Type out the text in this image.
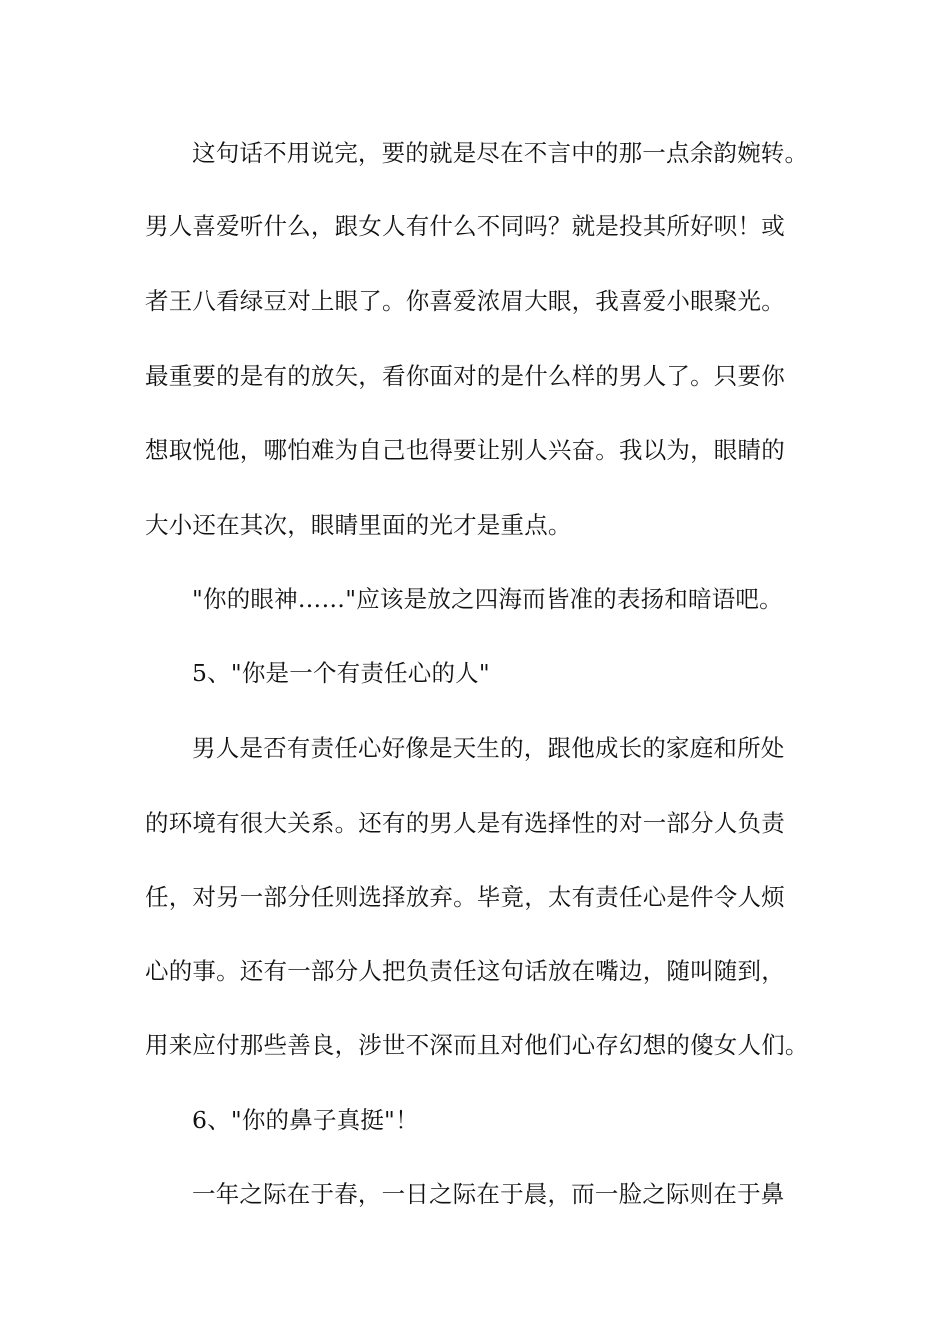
这句话不用说完，要的就是尽在不言中的那一点余韵婉转。
男人喜爱听什么，跟女人有什么不同吗？就是投其所好呗！或
者王八看绿豆对上眼了。你喜爱浓眉大眼，我喜爱小眼聚光。
最重要的是有的放矢，看你面对的是什么样的男人了。只要你
想取悦他，哪怕难为自己也得要让别人兴奋。我以为，眼睛的
大小还在其次，眼睛里面的光才是重点。
"你的眼神……"应该是放之四海而皆准的表扬和暗语吧。
5、"你是一个有责任心的人"
男人是否有责任心好像是天生的，跟他成长的家庭和所处
的环境有很大关系。还有的男人是有选择性的对一部分人负责
任，对另一部分任则选择放弃。毕竟，太有责任心是件令人烦
心的事。还有一部分人把负责任这句话放在嘴边，随叫随到，
用来应付那些善良，涉世不深而且对他们心存幻想的傻女人们。
6、"你的鼻子真挺"！
一年之际在于春，一日之际在于晨，而一脸之际则在于鼻
